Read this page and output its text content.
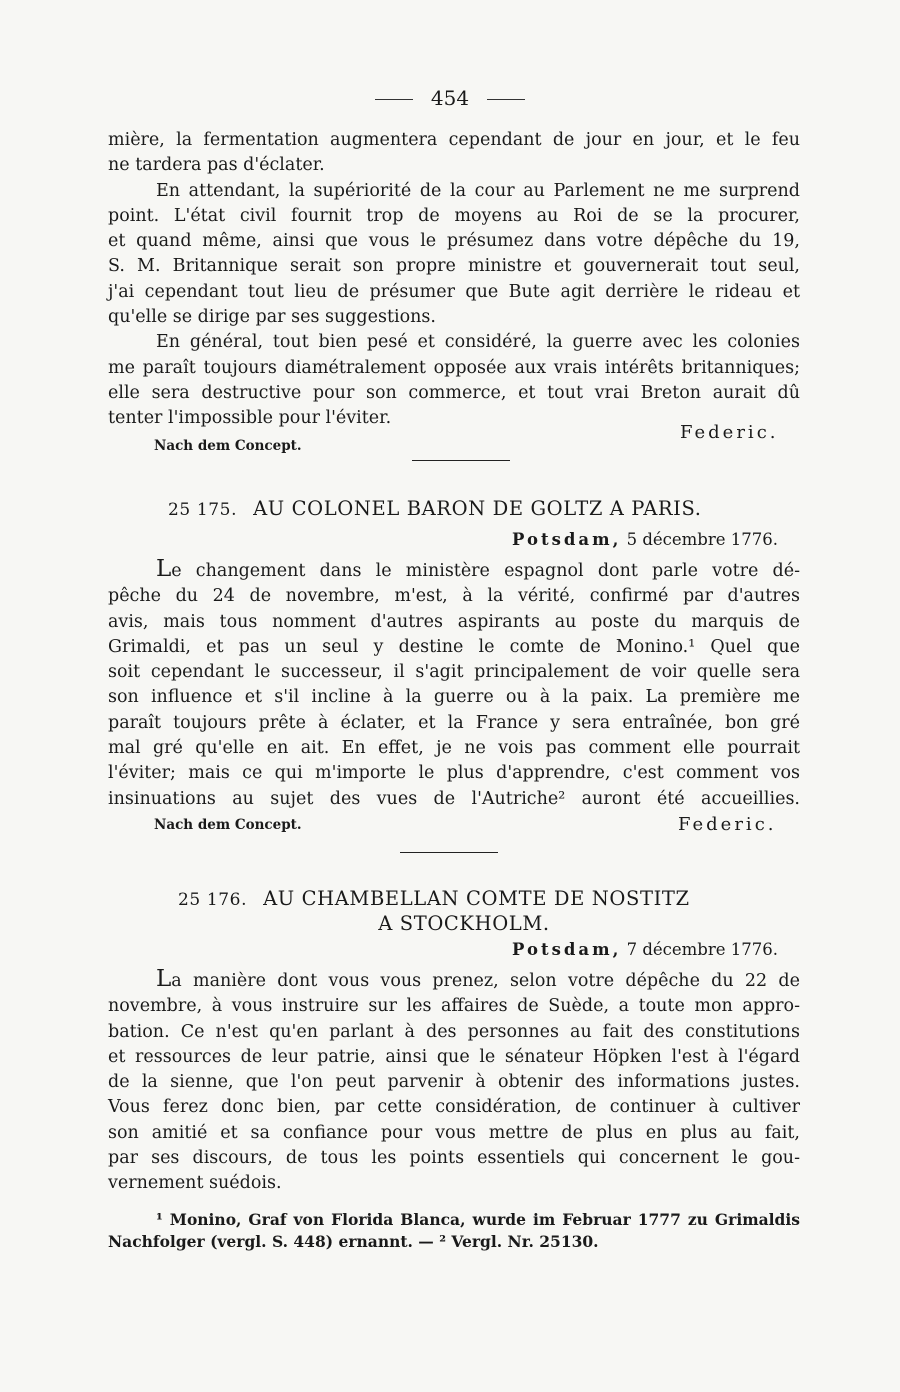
454
mière, la fermentation augmentera cependant de jour en jour, et le feu
ne tardera pas d'éclater.
En attendant, la supériorité de la cour au Parlement ne me surprend
point. L'état civil fournit trop de moyens au Roi de se la procurer,
et quand même, ainsi que vous le présumez dans votre dépêche du 19,
S. M. Britannique serait son propre ministre et gouvernerait tout seul,
j'ai cependant tout lieu de présumer que Bute agit derrière le rideau et
qu'elle se dirige par ses suggestions.
En général, tout bien pesé et considéré, la guerre avec les colonies
me paraît toujours diamétralement opposée aux vrais intérêts britanniques;
elle sera destructive pour son commerce, et tout vrai Breton aurait dû
tenter l'impossible pour l'éviter.
Nach dem Concept.
Federic.
25 175. AU COLONEL BARON DE GOLTZ A PARIS.
Potsdam, 5 décembre 1776.
Le changement dans le ministère espagnol dont parle votre dé-
pêche du 24 de novembre, m'est, à la vérité, confirmé par d'autres
avis, mais tous nomment d'autres aspirants au poste du marquis de
Grimaldi, et pas un seul y destine le comte de Monino.¹ Quel que
soit cependant le successeur, il s'agit principalement de voir quelle sera
son influence et s'il incline à la guerre ou à la paix. La première me
paraît toujours prête à éclater, et la France y sera entraînée, bon gré
mal gré qu'elle en ait. En effet, je ne vois pas comment elle pourrait
l'éviter; mais ce qui m'importe le plus d'apprendre, c'est comment vos
insinuations au sujet des vues de l'Autriche² auront été accueillies.
Nach dem Concept.	Federic.
25 176. AU CHAMBELLAN COMTE DE NOSTITZ
A STOCKHOLM.
Potsdam, 7 décembre 1776.
La manière dont vous vous prenez, selon votre dépêche du 22 de
novembre, à vous instruire sur les affaires de Suède, a toute mon appro-
bation. Ce n'est qu'en parlant à des personnes au fait des constitutions
et ressources de leur patrie, ainsi que le sénateur Höpken l'est à l'égard
de la sienne, que l'on peut parvenir à obtenir des informations justes.
Vous ferez donc bien, par cette considération, de continuer à cultiver
son amitié et sa confiance pour vous mettre de plus en plus au fait,
par ses discours, de tous les points essentiels qui concernent le gou-
vernement suédois.
¹ Monino, Graf von Florida Blanca, wurde im Februar 1777 zu Grimaldis
Nachfolger (vergl. S. 448) ernannt. — ² Vergl. Nr. 25130.
